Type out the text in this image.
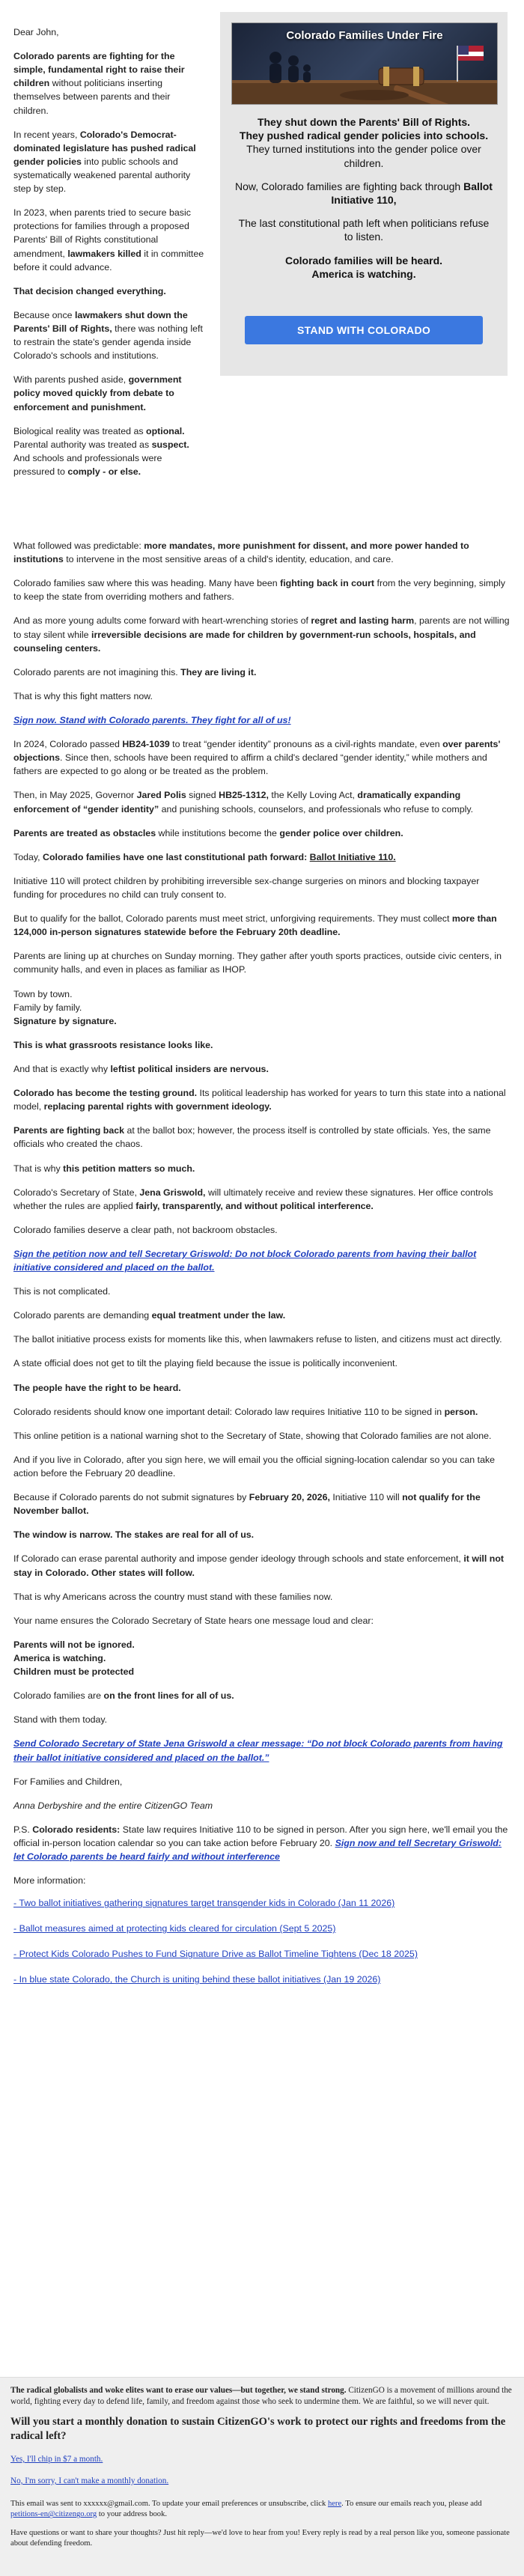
Dear John,

Colorado parents are fighting for the simple, fundamental right to raise their children without politicians inserting themselves between parents and their children.

In recent years, Colorado's Democrat-dominated legislature has pushed radical gender policies into public schools and systematically weakened parental authority step by step.

In 2023, when parents tried to secure basic protections for families through a proposed Parents' Bill of Rights constitutional amendment, lawmakers killed it in committee before it could advance.

That decision changed everything.

Because once lawmakers shut down the Parents' Bill of Rights, there was nothing left to restrain the state's gender agenda inside Colorado's schools and institutions.

With parents pushed aside, government policy moved quickly from debate to enforcement and punishment.

Biological reality was treated as optional.
Parental authority was treated as suspect.
And schools and professionals were pressured to comply - or else.

Colorado Families Under Fire

They shut down the Parents' Bill of Rights.
They pushed radical gender policies into schools.
They turned institutions into the gender police over children.

Now, Colorado families are fighting back through Ballot Initiative 110,

The last constitutional path left when politicians refuse to listen.

Colorado families will be heard.
America is watching.

STAND WITH COLORADO

What followed was predictable: more mandates, more punishment for dissent, and more power handed to institutions to intervene in the most sensitive areas of a child's identity, education, and care.

Colorado families saw where this was heading. Many have been fighting back in court from the very beginning, simply to keep the state from overriding mothers and fathers.

And as more young adults come forward with heart-wrenching stories of regret and lasting harm, parents are not willing to stay silent while irreversible decisions are made for children by government-run schools, hospitals, and counseling centers.

Colorado parents are not imagining this. They are living it.

That is why this fight matters now.

Sign now. Stand with Colorado parents. They fight for all of us!

In 2024, Colorado passed HB24-1039 to treat “gender identity” pronouns as a civil-rights mandate, even over parents' objections. Since then, schools have been required to affirm a child's declared “gender identity,” while mothers and fathers are expected to go along or be treated as the problem.

Then, in May 2025, Governor Jared Polis signed HB25-1312, the Kelly Loving Act, dramatically expanding enforcement of “gender identity” and punishing schools, counselors, and professionals who refuse to comply.

Parents are treated as obstacles while institutions become the gender police over children.

Today, Colorado families have one last constitutional path forward: Ballot Initiative 110.

Initiative 110 will protect children by prohibiting irreversible sex-change surgeries on minors and blocking taxpayer funding for procedures no child can truly consent to.

But to qualify for the ballot, Colorado parents must meet strict, unforgiving requirements. They must collect more than 124,000 in-person signatures statewide before the February 20th deadline.

Parents are lining up at churches on Sunday morning. They gather after youth sports practices, outside civic centers, in community halls, and even in places as familiar as IHOP.

Town by town.
Family by family.
Signature by signature.

This is what grassroots resistance looks like.

And that is exactly why leftist political insiders are nervous.

Colorado has become the testing ground. Its political leadership has worked for years to turn this state into a national model, replacing parental rights with government ideology.

Parents are fighting back at the ballot box; however, the process itself is controlled by state officials. Yes, the same officials who created the chaos.

That is why this petition matters so much.

Colorado's Secretary of State, Jena Griswold, will ultimately receive and review these signatures. Her office controls whether the rules are applied fairly, transparently, and without political interference.

Colorado families deserve a clear path, not backroom obstacles.

Sign the petition now and tell Secretary Griswold: Do not block Colorado parents from having their ballot initiative considered and placed on the ballot.

This is not complicated.

Colorado parents are demanding equal treatment under the law.

The ballot initiative process exists for moments like this, when lawmakers refuse to listen, and citizens must act directly.

A state official does not get to tilt the playing field because the issue is politically inconvenient.

The people have the right to be heard.

Colorado residents should know one important detail: Colorado law requires Initiative 110 to be signed in person.

This online petition is a national warning shot to the Secretary of State, showing that Colorado families are not alone.

And if you live in Colorado, after you sign here, we will email you the official signing-location calendar so you can take action before the February 20 deadline.

Because if Colorado parents do not submit signatures by February 20, 2026, Initiative 110 will not qualify for the November ballot.

The window is narrow. The stakes are real for all of us.

If Colorado can erase parental authority and impose gender ideology through schools and state enforcement, it will not stay in Colorado. Other states will follow.

That is why Americans across the country must stand with these families now.

Your name ensures the Colorado Secretary of State hears one message loud and clear:

Parents will not be ignored.
America is watching.
Children must be protected

Colorado families are on the front lines for all of us.

Stand with them today.

Send Colorado Secretary of State Jena Griswold a clear message: “Do not block Colorado parents from having their ballot initiative considered and placed on the ballot.”

For Families and Children,

Anna Derbyshire and the entire CitizenGO Team

P.S. Colorado residents: State law requires Initiative 110 to be signed in person. After you sign here, we'll email you the official in-person location calendar so you can take action before February 20. Sign now and tell Secretary Griswold: let Colorado parents be heard fairly and without interference

More information:

- Two ballot initiatives gathering signatures target transgender kids in Colorado (Jan 11 2026)
- Ballot measures aimed at protecting kids cleared for circulation (Sept 5 2025)
- Protect Kids Colorado Pushes to Fund Signature Drive as Ballot Timeline Tightens (Dec 18 2025)
- In blue state Colorado, the Church is uniting behind these ballot initiatives (Jan 19 2026)

The radical globalists and woke elites want to erase our values—but together, we stand strong. CitizenGO is a movement of millions around the world, fighting every day to defend life, family, and freedom against those who seek to undermine them. We are faithful, so we will never quit.

Will you start a monthly donation to sustain CitizenGO's work to protect our rights and freedoms from the radical left?

Yes, I'll chip in $7 a month.

No, I'm sorry, I can't make a monthly donation.

This email was sent to xxxxxx@gmail.com. To update your email preferences or unsubscribe, click here. To ensure our emails reach you, please add petitions-en@citizengo.org to your address book.

Have questions or want to share your thoughts? Just hit reply—we'd love to hear from you! Every reply is read by a real person like you, someone passionate about defending freedom.
